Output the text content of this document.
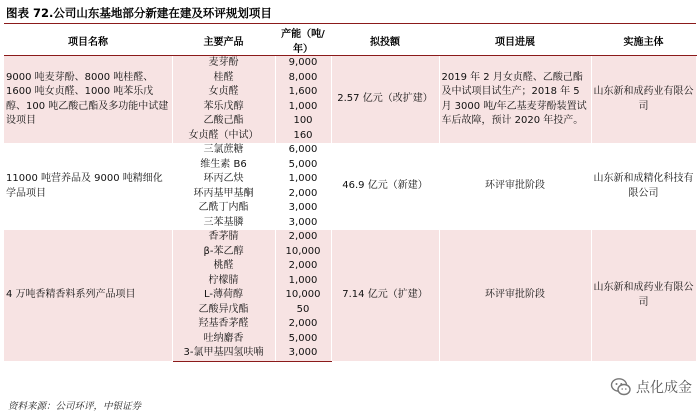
图表 72.公司山东基地部分新建在建及环评规划项目
项目名称	主要产品	产能（吨/年）	拟投额	项目进展	实施主体
9000 吨麦芽酚、8000 吨桂醛、1600 吨女贞醛、1000 吨苯乐戊醇、100 吨乙酸己酯及多功能中试建设项目	麦芽酚	9,000	2.57 亿元（改扩建）	2019 年 2 月女贞醛、乙酸己酯及中试项目试生产；2018 年 5 月 3000 吨/年乙基麦芽酚装置试车后故障，预计 2020 年投产。	山东新和成药业有限公司
	桂醛	8,000			
	女贞醛	1,600			
	苯乐戊醇	1,000			
	乙酸己酯	100			
	女贞醛（中试）	160			
11000 吨营养品及 9000 吨精细化学品项目	三氯蔗糖	6,000	46.9 亿元（新建）	环评审批阶段	山东新和成精化科技有限公司
	维生素 B6	5,000			
	环丙乙炔	1,000			
	环丙基甲基酮	2,000			
	乙酰丁内酯	3,000			
	三苯基膦	3,000			
4 万吨香精香料系列产品项目	香茅腈	2,000	7.14 亿元（扩建）	环评审批阶段	山东新和成药业有限公司
	β-苯乙醇	10,000			
	桃醛	2,000			
	柠檬腈	1,000			
	L-薄荷醇	10,000			
	乙酸异戊酯	50			
	羟基香茅醛	2,000			
	吐纳麝香	5,000			
	3-氯甲基四氢呋喃	3,000			
点化成金
资料来源：公司环评，中银证券
